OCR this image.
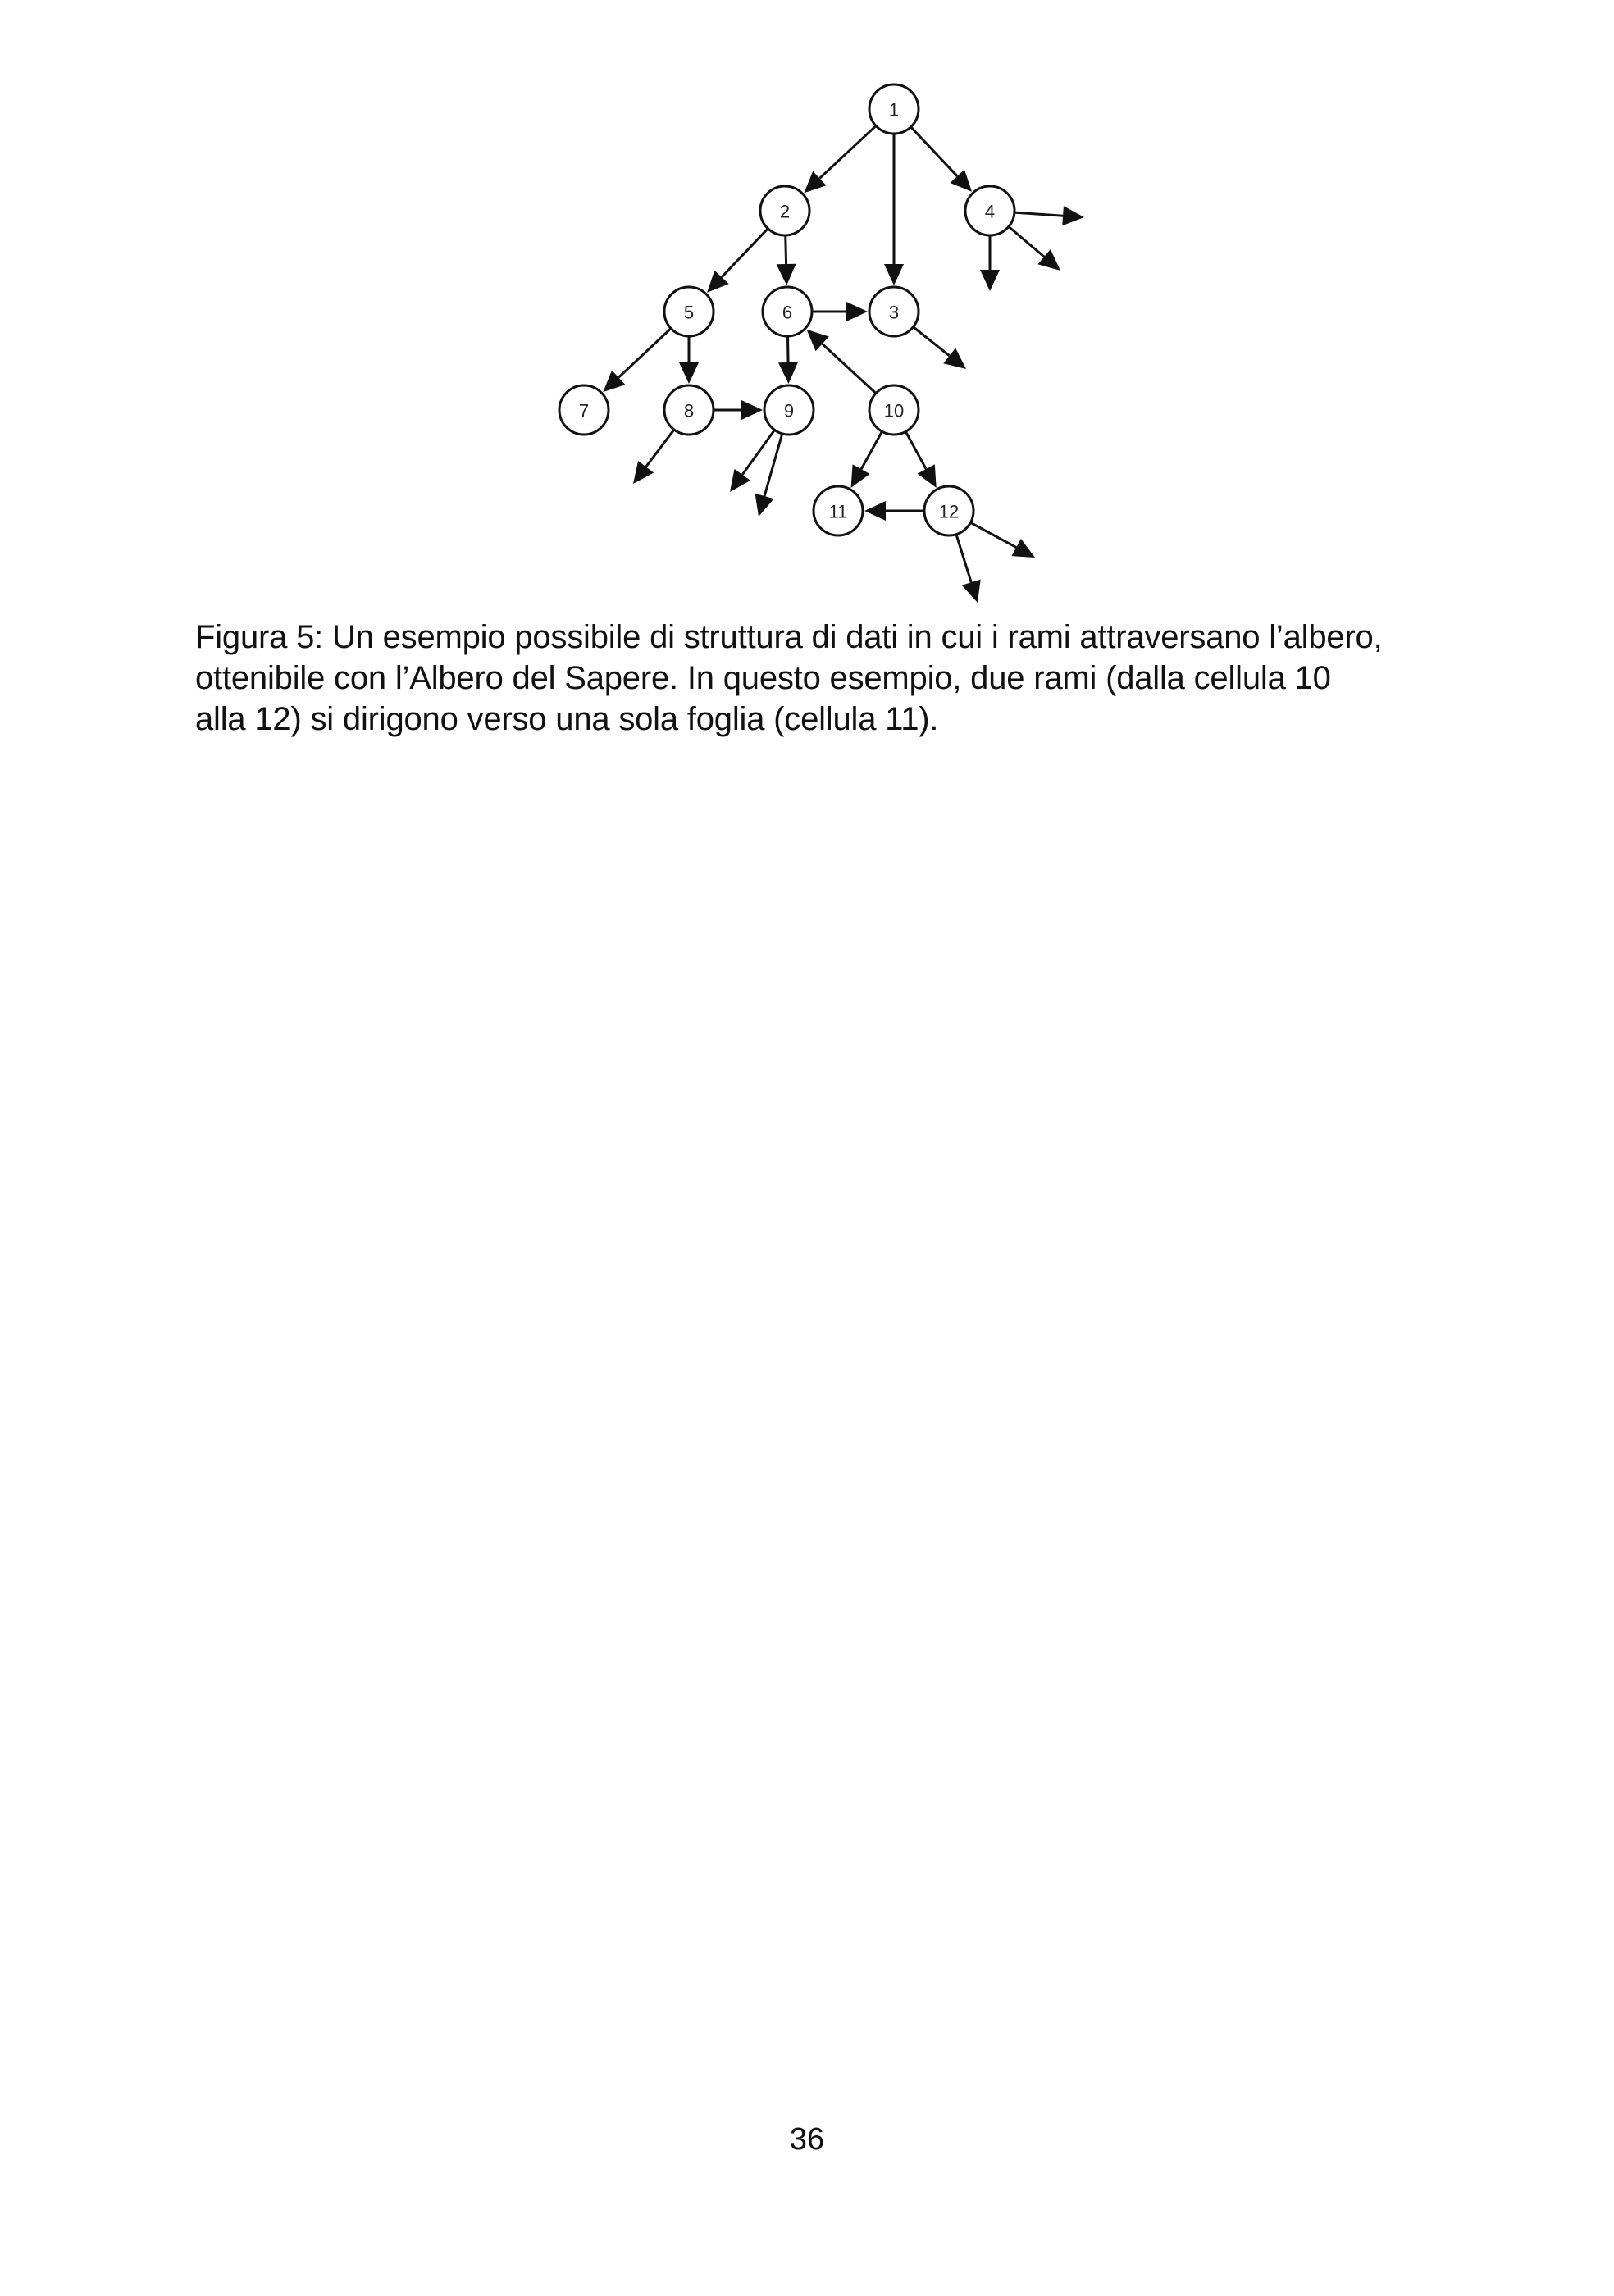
1
2
3
4
5	6
7	8	9	10
11	12

Figura 5: Un esempio possibile di struttura di dati in cui i rami attraversano l’albero,
ottenibile con l’Albero del Sapere. In questo esempio, due rami (dalla cellula 10
alla 12) si dirigono verso una sola foglia (cellula 11).

36
